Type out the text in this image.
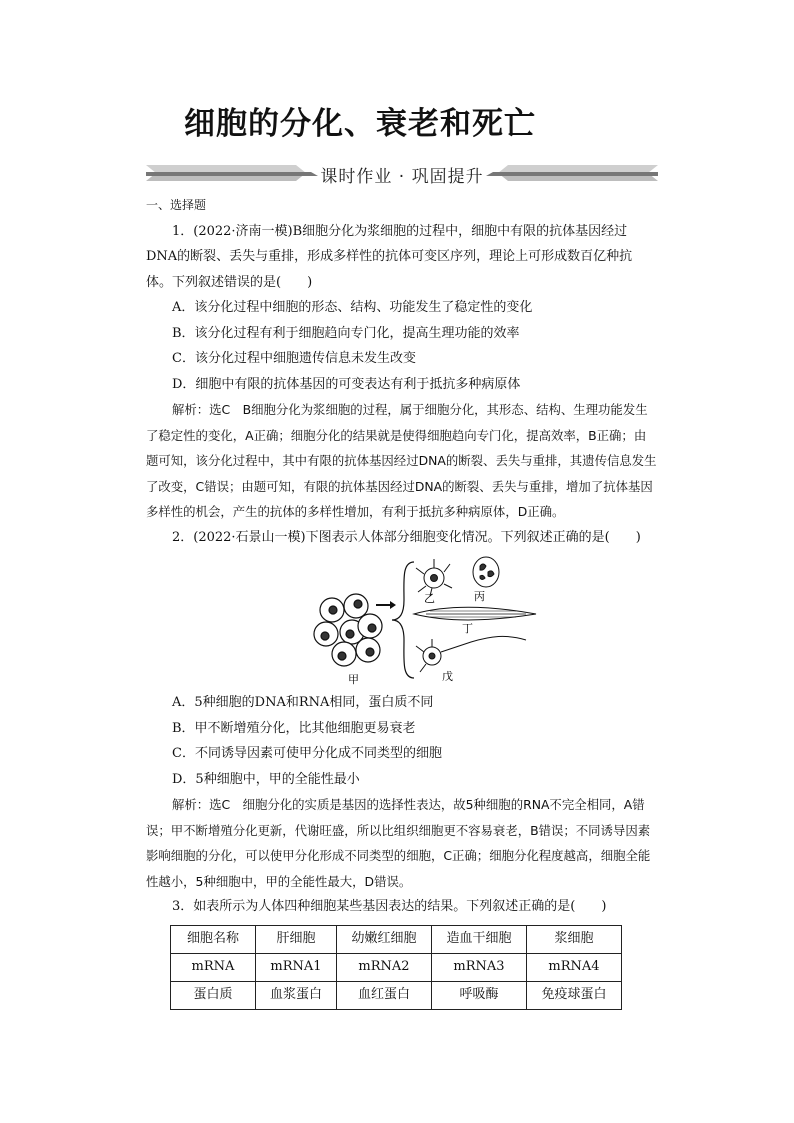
细胞的分化、衰老和死亡
课时作业 · 巩固提升

一、选择题

1．(2022·济南一模)B细胞分化为浆细胞的过程中，细胞中有限的抗体基因经过DNA的断裂、丢失与重排，形成多样性的抗体可变区序列，理论上可形成数百亿种抗体。下列叙述错误的是(　　)

A．该分化过程中细胞的形态、结构、功能发生了稳定性的变化

B．该分化过程有利于细胞趋向专门化，提高生理功能的效率

C．该分化过程中细胞遗传信息未发生改变

D．细胞中有限的抗体基因的可变表达有利于抵抗多种病原体

解析：选C　B细胞分化为浆细胞的过程，属于细胞分化，其形态、结构、生理功能发生了稳定性的变化，A正确；细胞分化的结果就是使得细胞趋向专门化，提高效率，B正确；由题可知，该分化过程中，其中有限的抗体基因经过DNA的断裂、丢失与重排，其遗传信息发生了改变，C错误；由题可知，有限的抗体基因经过DNA的断裂、丢失与重排，增加了抗体基因多样性的机会，产生的抗体的多样性增加，有利于抵抗多种病原体，D正确。

2．(2022·石景山一模)下图表示人体部分细胞变化情况。下列叙述正确的是(　　)

甲
乙	丙
丁
戊

A．5种细胞的DNA和RNA相同，蛋白质不同

B．甲不断增殖分化，比其他细胞更易衰老

C．不同诱导因素可使甲分化成不同类型的细胞

D．5种细胞中，甲的全能性最小

解析：选C　细胞分化的实质是基因的选择性表达，故5种细胞的RNA不完全相同，A错误；甲不断增殖分化更新，代谢旺盛，所以比组织细胞更不容易衰老，B错误；不同诱导因素影响细胞的分化，可以使甲分化形成不同类型的细胞，C正确；细胞分化程度越高，细胞全能性越小，5种细胞中，甲的全能性最大，D错误。

3．如表所示为人体四种细胞某些基因表达的结果。下列叙述正确的是(　　)

细胞名称	肝细胞	幼嫩红细胞	造血干细胞	浆细胞
mRNA	mRNA1	mRNA2	mRNA3	mRNA4
蛋白质	血浆蛋白	血红蛋白	呼吸酶	免疫球蛋白
